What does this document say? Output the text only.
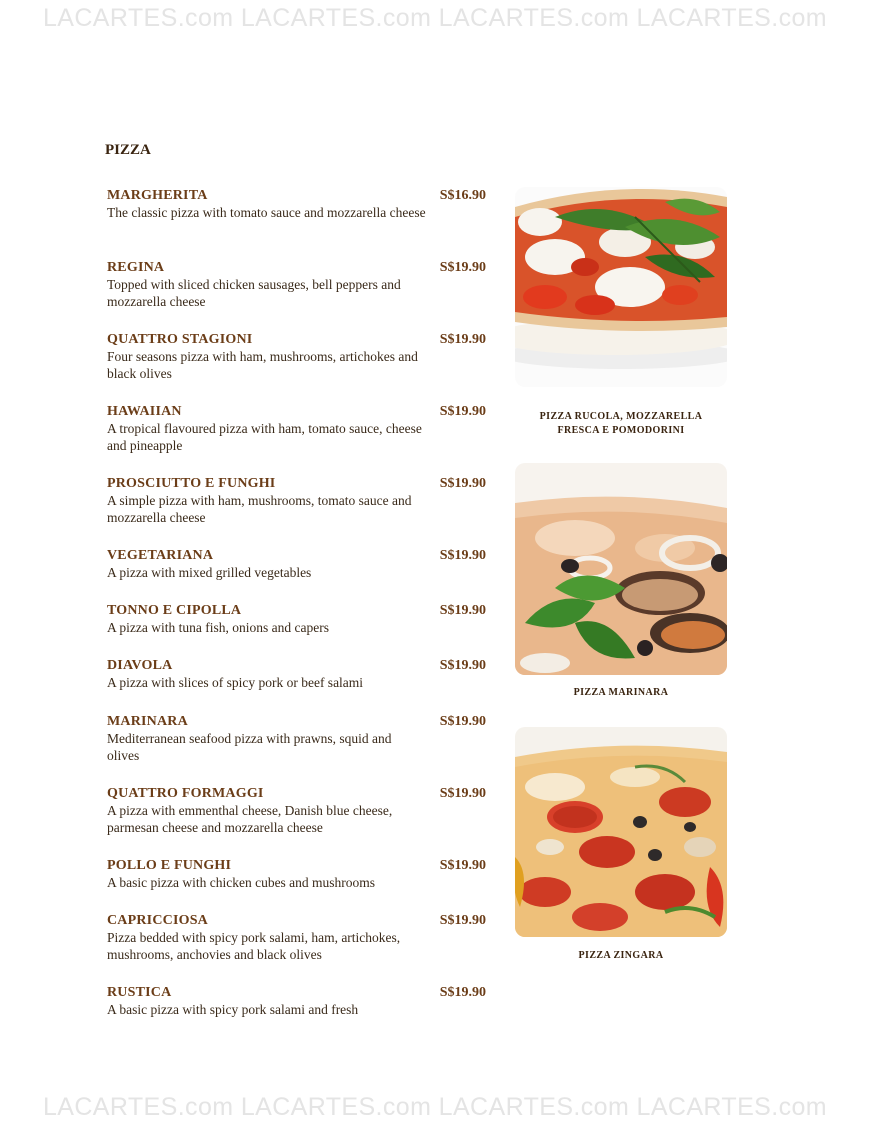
LACARTES.com LACARTES.com LACARTES.com LACARTES.com
PIZZA
MARGHERITA	S$16.90
The classic pizza with tomato sauce and mozzarella cheese
REGINA	S$19.90
Topped with sliced chicken sausages, bell peppers and mozzarella cheese
QUATTRO STAGIONI	S$19.90
Four seasons pizza with ham, mushrooms, artichokes and black olives
HAWAIIAN	S$19.90
A tropical flavoured pizza with ham, tomato sauce, cheese and pineapple
PROSCIUTTO E FUNGHI	S$19.90
A simple pizza with ham, mushrooms, tomato sauce and mozzarella cheese
VEGETARIANA	S$19.90
A pizza with mixed grilled vegetables
TONNO E CIPOLLA	S$19.90
A pizza with tuna fish, onions and capers
DIAVOLA	S$19.90
A pizza with slices of spicy pork or beef salami
MARINARA	S$19.90
Mediterranean seafood pizza with prawns, squid and olives
QUATTRO FORMAGGI	S$19.90
A pizza with emmenthal cheese, Danish blue cheese, parmesan cheese and mozzarella cheese
POLLO E FUNGHI	S$19.90
A basic pizza with chicken cubes and mushrooms
CAPRICCIOSA	S$19.90
Pizza bedded with spicy pork salami, ham, artichokes, mushrooms, anchovies and black olives
RUSTICA	S$19.90
A basic pizza with spicy pork salami and fresh
PIZZA RUCOLA, MOZZARELLA
FRESCA E POMODORINI
PIZZA MARINARA
PIZZA ZINGARA
LACARTES.com LACARTES.com LACARTES.com LACARTES.com
